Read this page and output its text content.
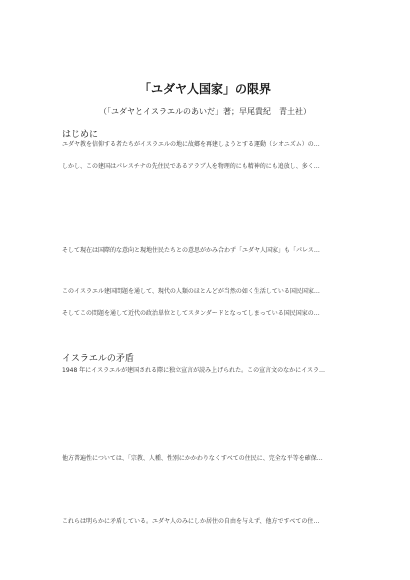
「ユダヤ人国家」の限界
（「ユダヤとイスラエルのあいだ」著；早尾貴紀　青土社）
はじめに
ユダヤ教を信仰する者たちがイスラエルの地に故郷を再建しようとする運動（シオニズム）の…
しかし、この建国はパレスチナの先住民であるアラブ人を物理的にも精神的にも追放し、多く…
そして現在は国際的な意向と現地住民たちとの意思がかみ合わず「ユダヤ人国家」も「パレス…
このイスラエル建国問題を通して、現代の人類のほとんどが当然の如く生活している国民国家…
そしてこの問題を通して近代の政治単位としてスタンダードとなってしまっている国民国家の…
イスラエルの矛盾
1948 年にイスラエルが建国される際に独立宣言が読み上げられた。この宣言文のなかにイスラ…
他方普遍性については、「宗教、人種、性別にかかわりなくすべての住民に、完全な平等を確保…
これらは明らかに矛盾している。ユダヤ人のみにしか居住の自由を与えず、他方ですべての住…
